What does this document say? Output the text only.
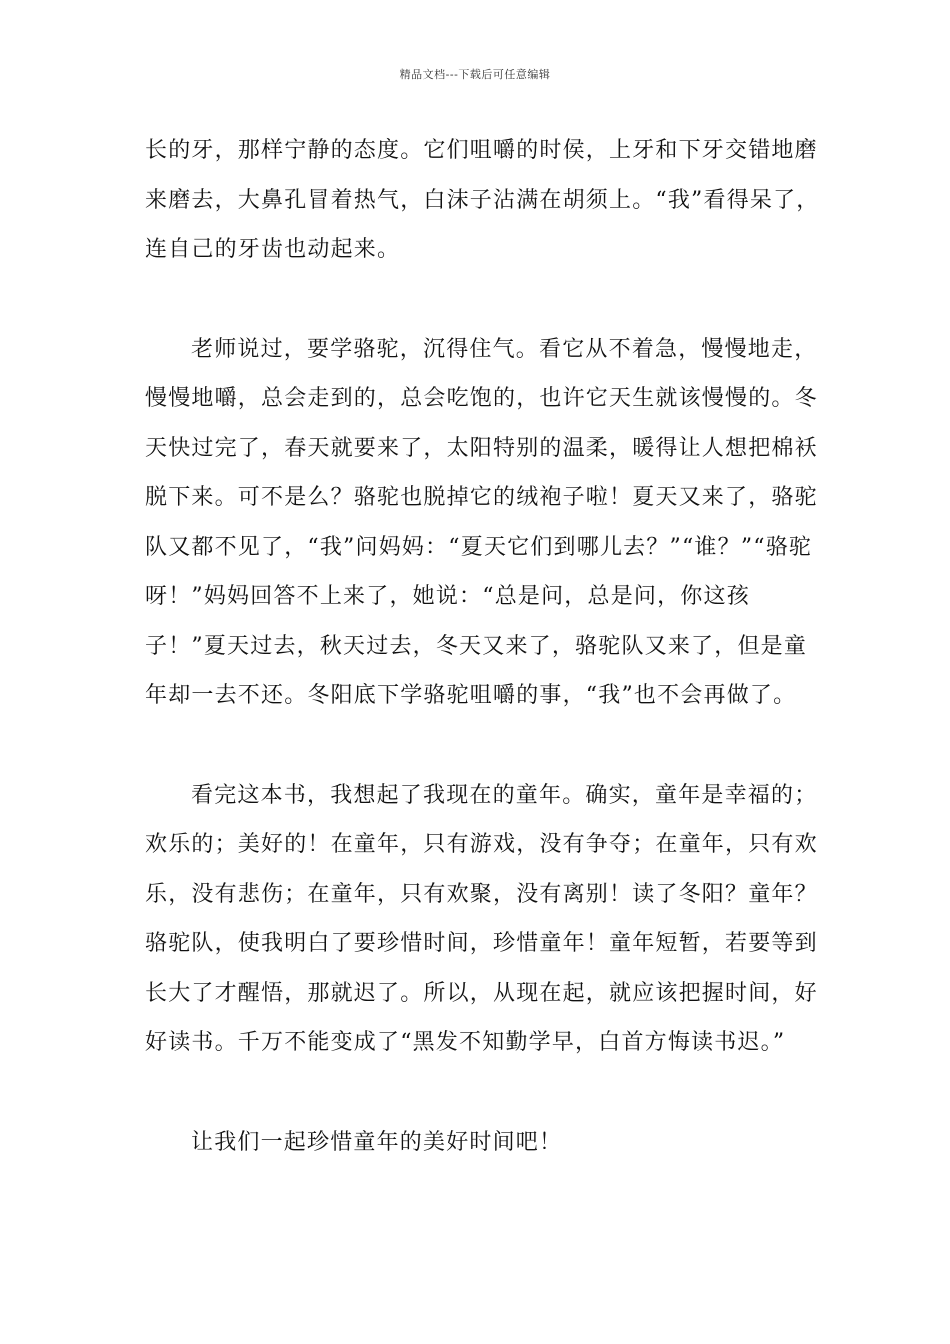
精品文档---下载后可任意编辑

长的牙，那样宁静的态度。它们咀嚼的时侯，上牙和下牙交错地磨来磨去，大鼻孔冒着热气，白沫子沾满在胡须上。“我”看得呆了，连自己的牙齿也动起来。

老师说过，要学骆驼，沉得住气。看它从不着急，慢慢地走，慢慢地嚼，总会走到的，总会吃饱的，也许它天生就该慢慢的。冬天快过完了，春天就要来了，太阳特别的温柔，暖得让人想把棉袄脱下来。可不是么？骆驼也脱掉它的绒袍子啦！夏天又来了，骆驼队又都不见了，“我”问妈妈：“夏天它们到哪儿去？”“谁？”“骆驼呀！”妈妈回答不上来了，她说：“总是问，总是问，你这孩子！”夏天过去，秋天过去，冬天又来了，骆驼队又来了，但是童年却一去不还。冬阳底下学骆驼咀嚼的事，“我”也不会再做了。

看完这本书，我想起了我现在的童年。确实，童年是幸福的；欢乐的；美好的！在童年，只有游戏，没有争夺；在童年，只有欢乐，没有悲伤；在童年，只有欢聚，没有离别！读了冬阳？童年？骆驼队，使我明白了要珍惜时间，珍惜童年！童年短暂，若要等到长大了才醒悟，那就迟了。所以，从现在起，就应该把握时间，好好读书。千万不能变成了“黑发不知勤学早，白首方悔读书迟。”

让我们一起珍惜童年的美好时间吧！
